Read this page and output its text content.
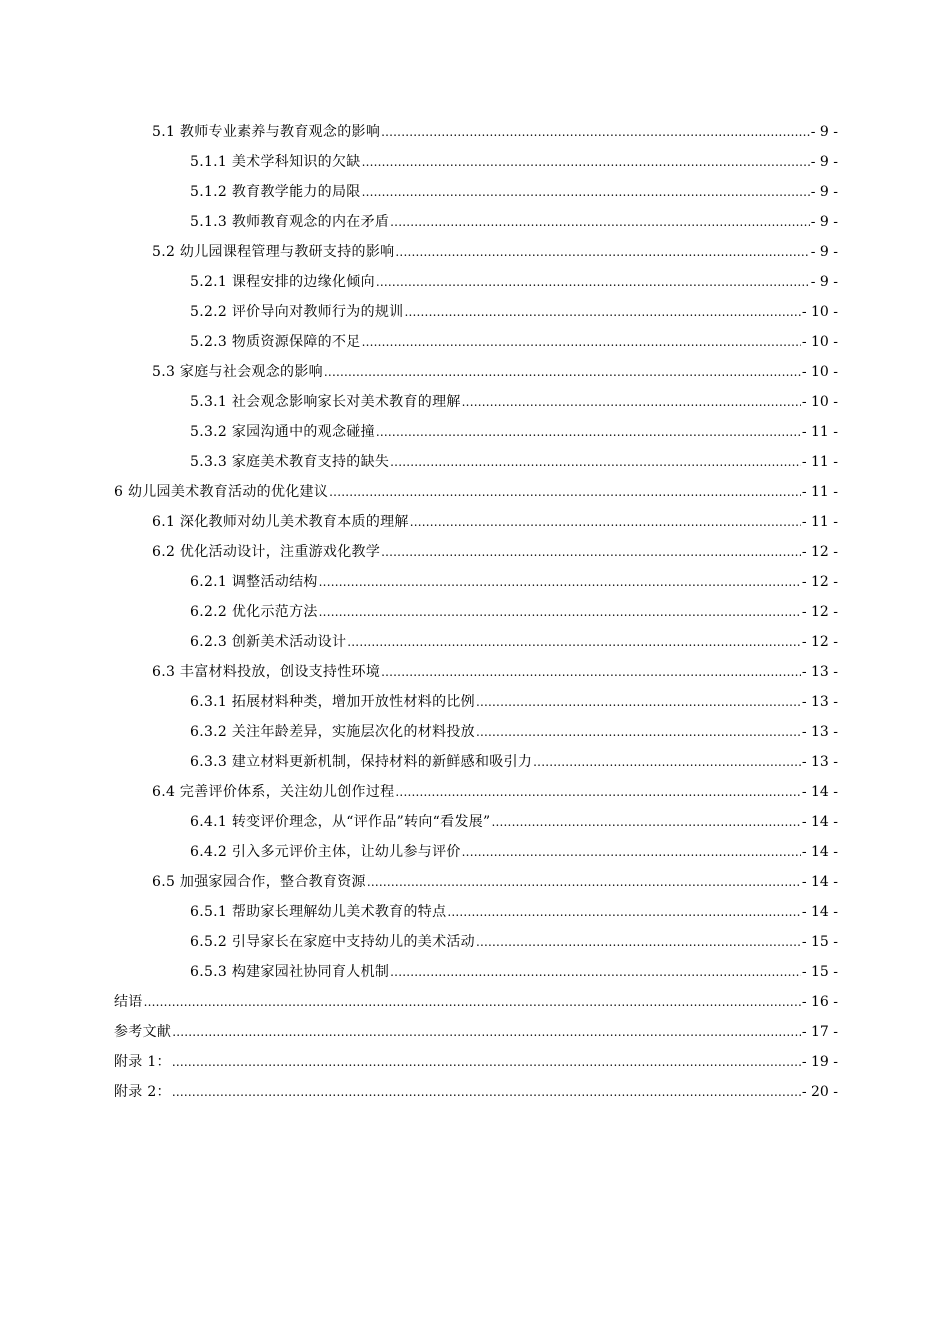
5.1 教师专业素养与教育观念的影响 .....	- 9 -
5.1.1 美术学科知识的欠缺 .....	- 9 -
5.1.2 教育教学能力的局限 .....	- 9 -
5.1.3 教师教育观念的内在矛盾 .....	- 9 -
5.2 幼儿园课程管理与教研支持的影响 .....	- 9 -
5.2.1 课程安排的边缘化倾向 .....	- 9 -
5.2.2 评价导向对教师行为的规训 .....	- 10 -
5.2.3 物质资源保障的不足 .....	- 10 -
5.3 家庭与社会观念的影响 .....	- 10 -
5.3.1 社会观念影响家长对美术教育的理解 .....	- 10 -
5.3.2 家园沟通中的观念碰撞 .....	- 11 -
5.3.3 家庭美术教育支持的缺失 .....	- 11 -
6 幼儿园美术教育活动的优化建议 .....	- 11 -
6.1 深化教师对幼儿美术教育本质的理解 .....	- 11 -
6.2 优化活动设计，注重游戏化教学 .....	- 12 -
6.2.1 调整活动结构 .....	- 12 -
6.2.2 优化示范方法 .....	- 12 -
6.2.3 创新美术活动设计 .....	- 12 -
6.3 丰富材料投放，创设支持性环境 .....	- 13 -
6.3.1 拓展材料种类，增加开放性材料的比例 .....	- 13 -
6.3.2 关注年龄差异，实施层次化的材料投放 .....	- 13 -
6.3.3 建立材料更新机制，保持材料的新鲜感和吸引力 .....	- 13 -
6.4 完善评价体系，关注幼儿创作过程 .....	- 14 -
6.4.1 转变评价理念，从“评作品”转向“看发展” .....	- 14 -
6.4.2 引入多元评价主体，让幼儿参与评价 .....	- 14 -
6.5 加强家园合作，整合教育资源 .....	- 14 -
6.5.1 帮助家长理解幼儿美术教育的特点 .....	- 14 -
6.5.2 引导家长在家庭中支持幼儿的美术活动 .....	- 15 -
6.5.3 构建家园社协同育人机制 .....	- 15 -
结语 .....	- 16 -
参考文献 .....	- 17 -
附录 1： .....	- 19 -
附录 2： .....	- 20 -
